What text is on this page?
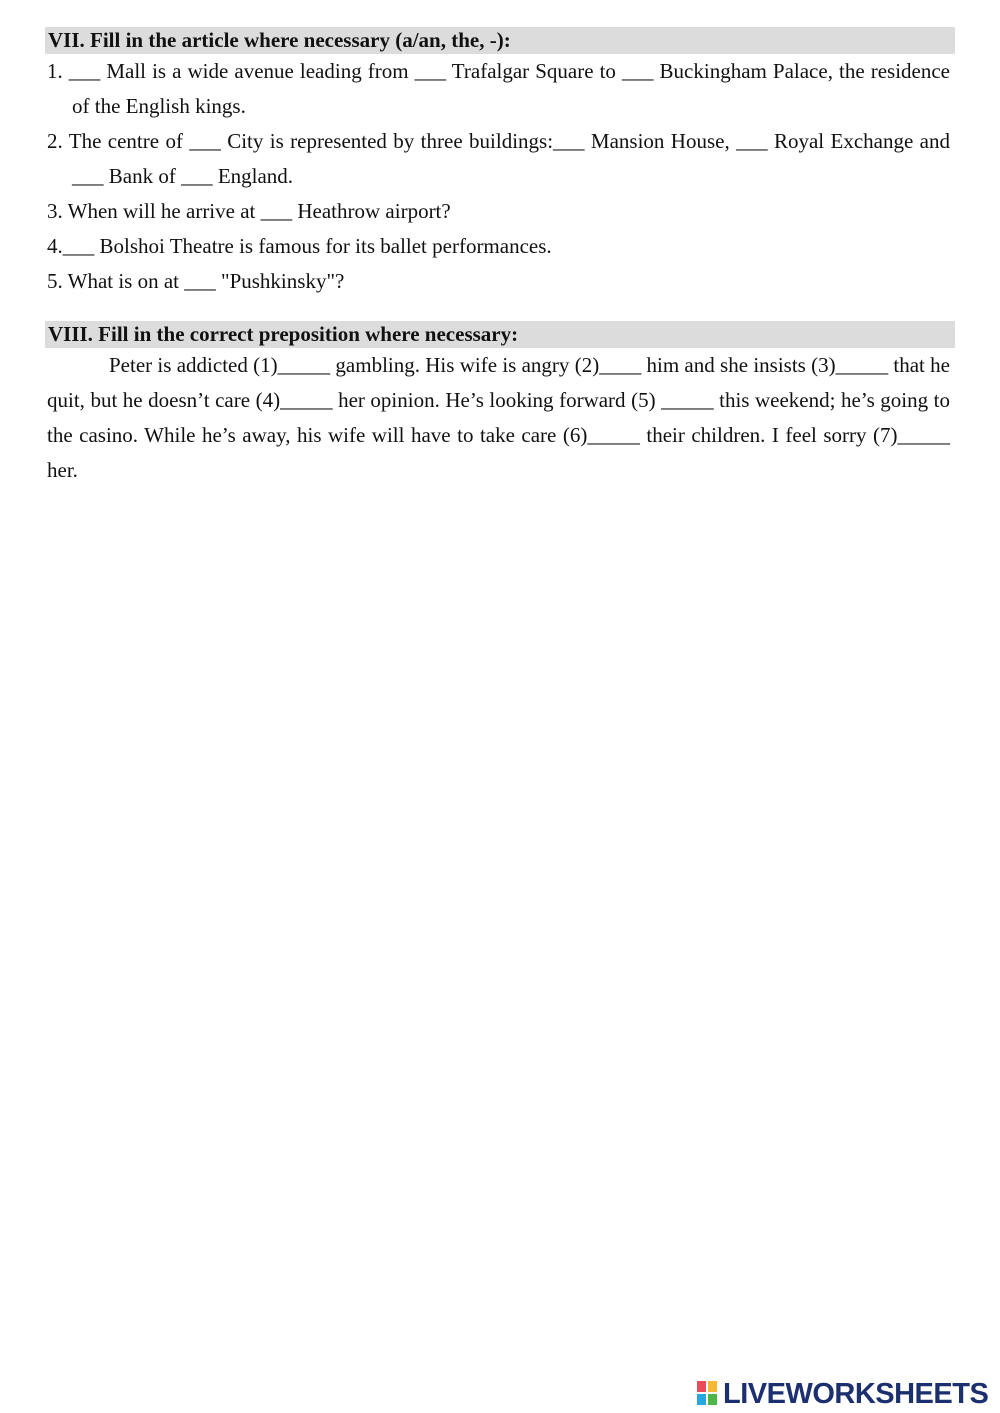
VII. Fill in the article where necessary (a/an, the, -):
1. ___ Mall is a wide avenue leading from ___ Trafalgar Square to ___ Buckingham Palace, the residence of the English kings.
2. The centre of ___ City is represented by three buildings:___ Mansion House, ___ Royal Exchange and ___ Bank of ___ England.
3. When will he arrive at ___ Heathrow airport?
4.___ Bolshoi Theatre is famous for its ballet performances.
5. What is on at ___ "Pushkinsky"?
VIII. Fill in the correct preposition where necessary:

Peter is addicted (1)_____ gambling. His wife is angry (2)____ him and she insists (3)_____ that he quit, but he doesn’t care (4)_____ her opinion. He’s looking forward (5) _____ this weekend; he’s going to the casino. While he’s away, his wife will have to take care (6)_____ their children. I feel sorry (7)_____ her.

LIVEWORKSHEETS
